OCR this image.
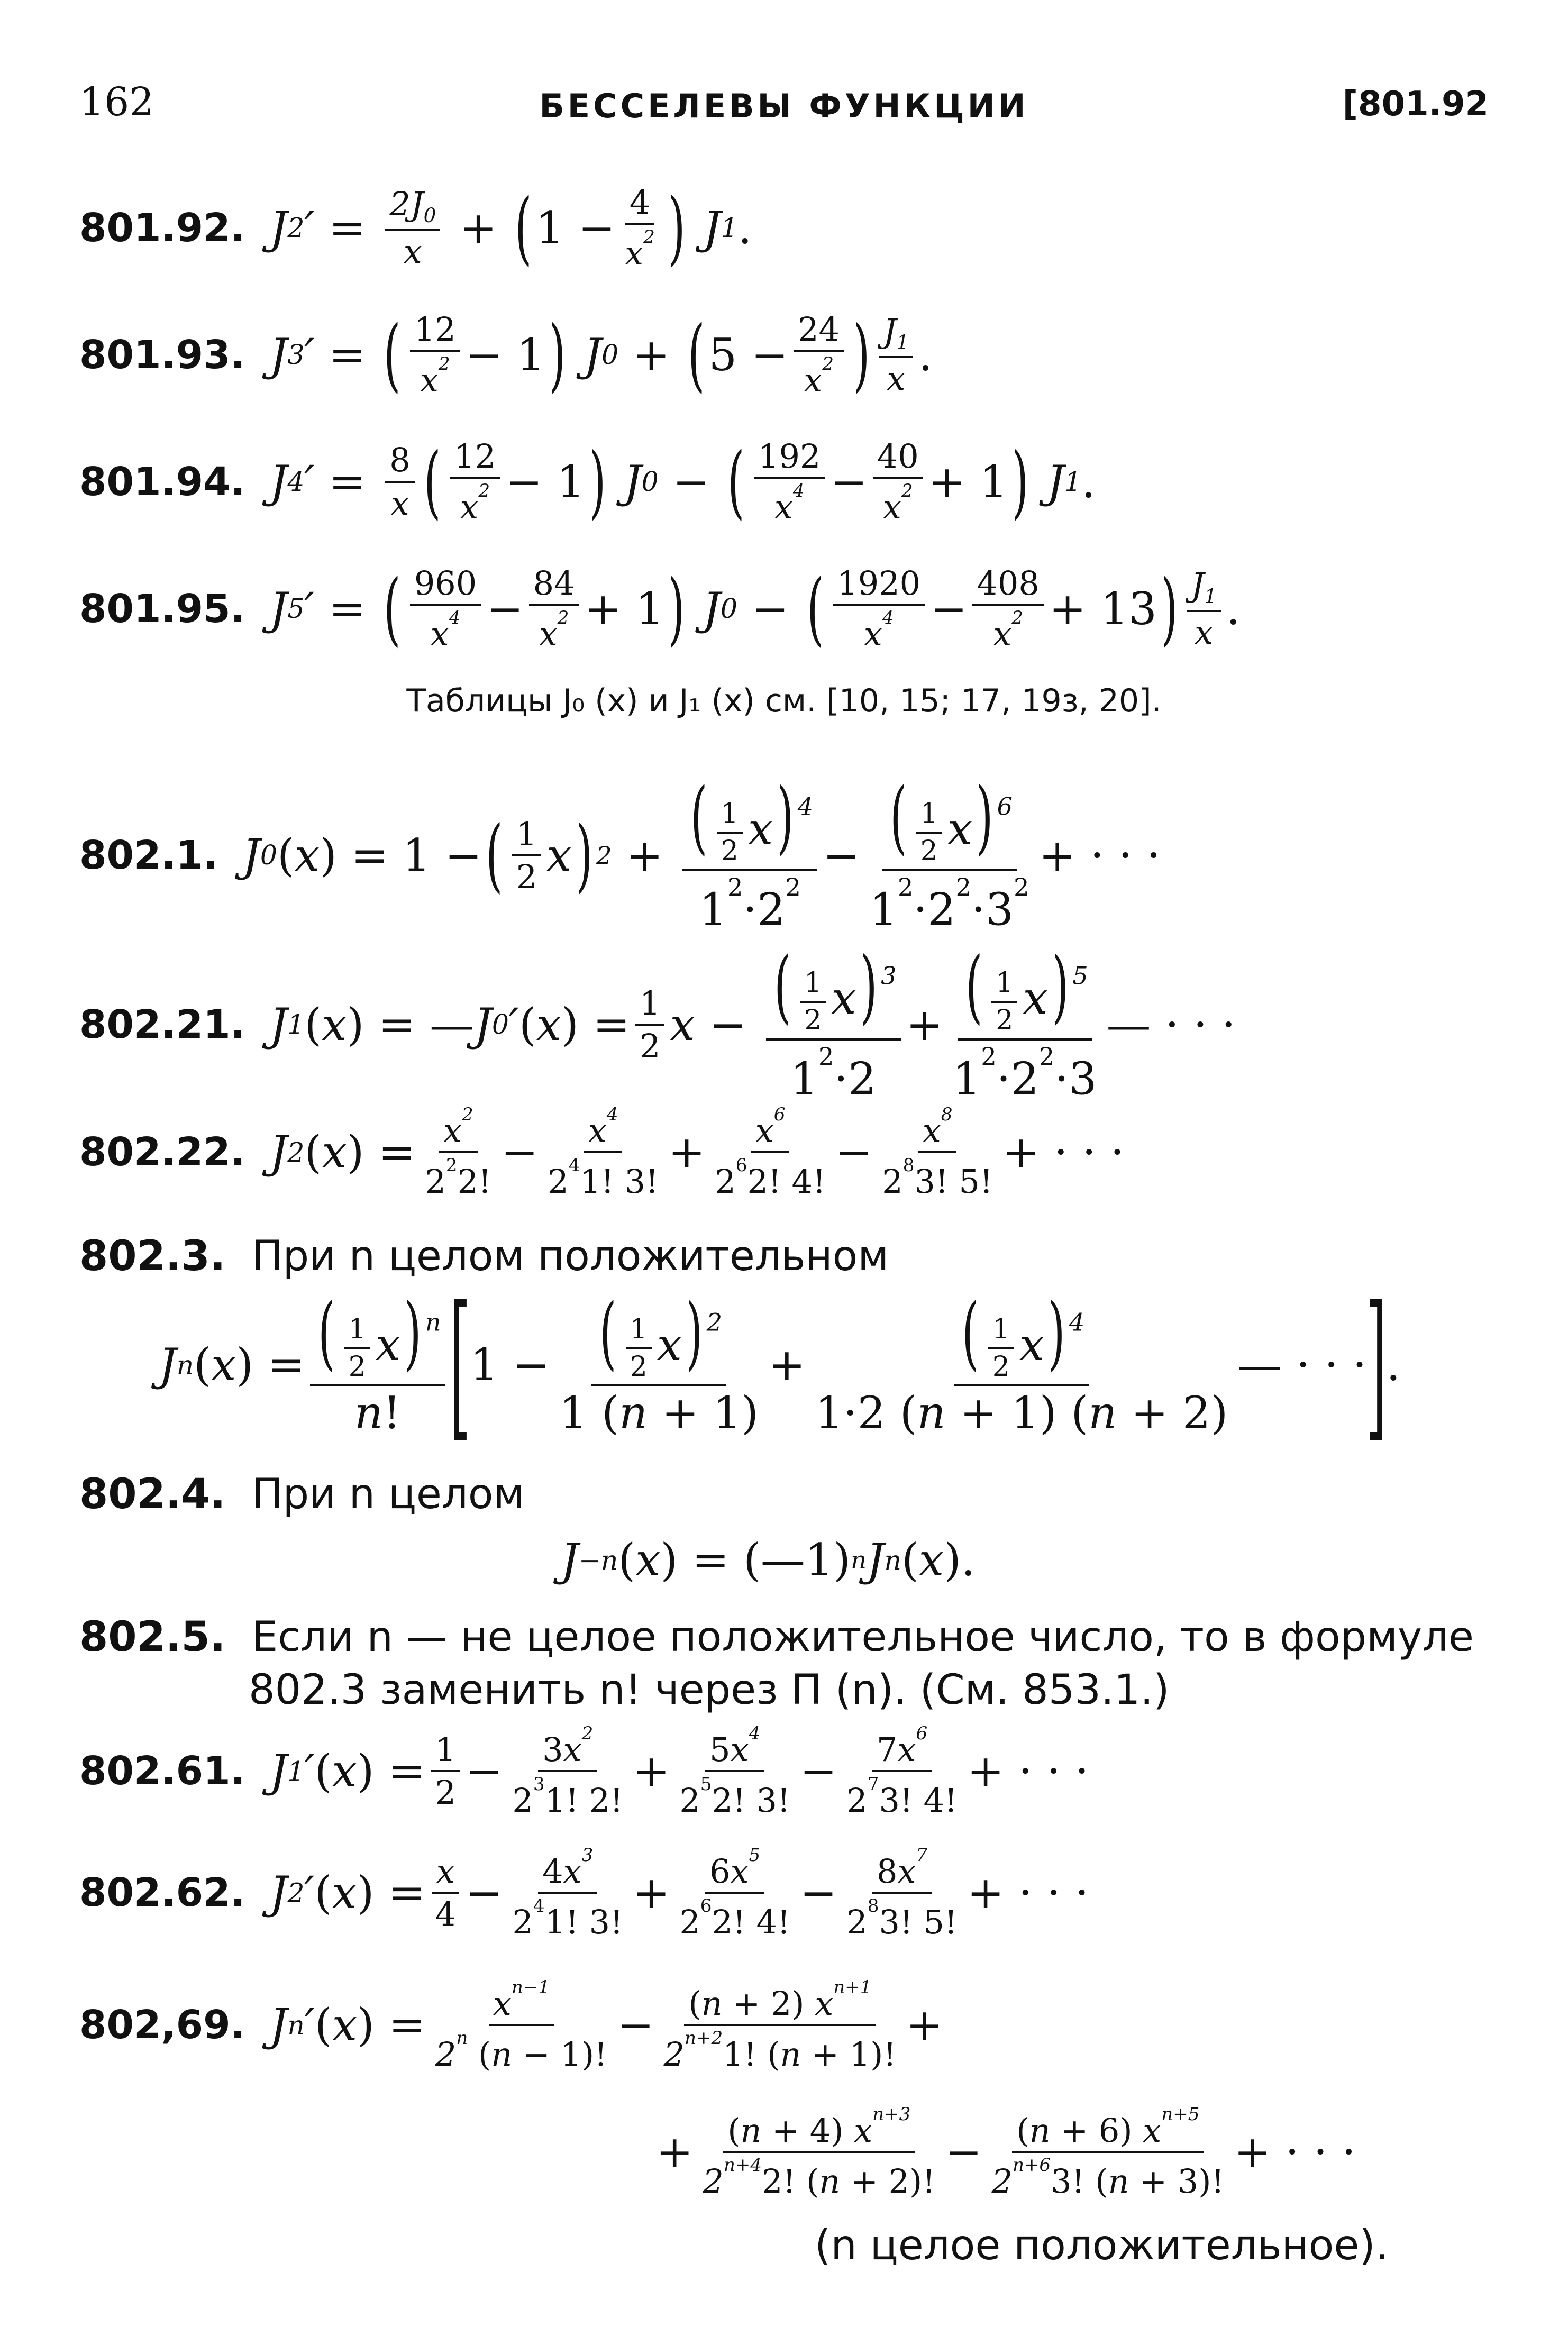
162	БЕССЕЛЕВЫ ФУНКЦИИ	[801.92
801.92. J 2 ′ = $\frac{2J_0}{x}$ + ( $1 - \frac{4}{x^2}$ ) J 1 .
801.93. J 3 ′ = ( 12
$x^2 - 1$ ) J 0 + ( $5 - \frac{24}{x^2}$ ) $J_1$
x .
801.94. J 4 ′ = $\frac{8}{x}$ ( 12
$x^2 - 1$ ) J 0 − ( 192
$x^4 - \frac{40}{x^2} + 1$ ) J 1 .
801.95. J 5 ′ = ( 960
$x^4 - \frac{84}{x^2} + 1$ ) J 0 − ( 1920
$x^4 - \frac{408}{x^2} + 13$ ) $J_1$
x .
Таблицы J₀ (x) и J₁ (x) см. [10, 15; 17, 19з, 20].
802.1. J 0 ( x ) = 1 − ( 1
2 x ) $2 + \frac{( \frac{1}{2} x) ^4}{1^2\cdot 2^2} - \frac{( \frac{1}{2} x) ^6}{1^2\cdot 2^2\cdot 3^2}$ + · · ·
802.21. J 1 ( x ) = — J 0 ′ ( x ) = $\frac{1}{2}$ $x - \frac{( \frac{1}{2} x) ^3}{1^2\cdot 2} + \frac{( \frac{1}{2} x) ^5}{1^2\cdot 2^2\cdot 3}$ — · · ·
802.22. J 2 ( x ) = $\frac{x^2}{2^22!} - \frac{x^4}{2^41! 3!} + \frac{x^6}{2^62! 4!} - \frac{x^8}{2^83! 5!}$ + · · ·
802.3. При n целом положительном
J n ( x ) = $\frac{( \frac{1}{2} x) ^n}{n!}$ [
$1 - \frac{( \frac{1}{2} x) ^2}{1 (n + 1)} + \frac{( \frac{1}{2} x) ^4}{1\cdot 2 (n + 1) (n + 2)}$ — · · ·
]
.
802.4. При n целом
J −n ( x ) = (—1) n J n ( x ).
802.5. Если n — не целое положительное число, то в формуле
802.3 заменить n! через Π (n). (См. 853.1.)
802.61. J 1 ′ ( x ) = $\frac{1}{2} - \frac{3x^2}{2^31! 2!} + \frac{5x^4}{2^52! 3!} - \frac{7x^6}{2^73! 4!}$ + · · ·
802.62. J 2 ′ ( x ) = $\frac{x}{4} - \frac{4x^3}{2^41! 3!} + \frac{6x^5}{2^62! 4!} - \frac{8x^7}{2^83! 5!}$ + · · ·
802,69. J n ′ ( x ) = $\frac{x^{n-1}}{2^n (n - 1)!} - \frac{(n + 2) x^{n+1}}{2^{n+2}1! (n + 1)!}$ +
+ $\frac{(n + 4) x^{n+3}}{2^{n+4}2! (n + 2)!} - \frac{(n + 6) x^{n+5}}{2^{n+6}3! (n + 3)!}$ + · · ·
(n целое положительное).
